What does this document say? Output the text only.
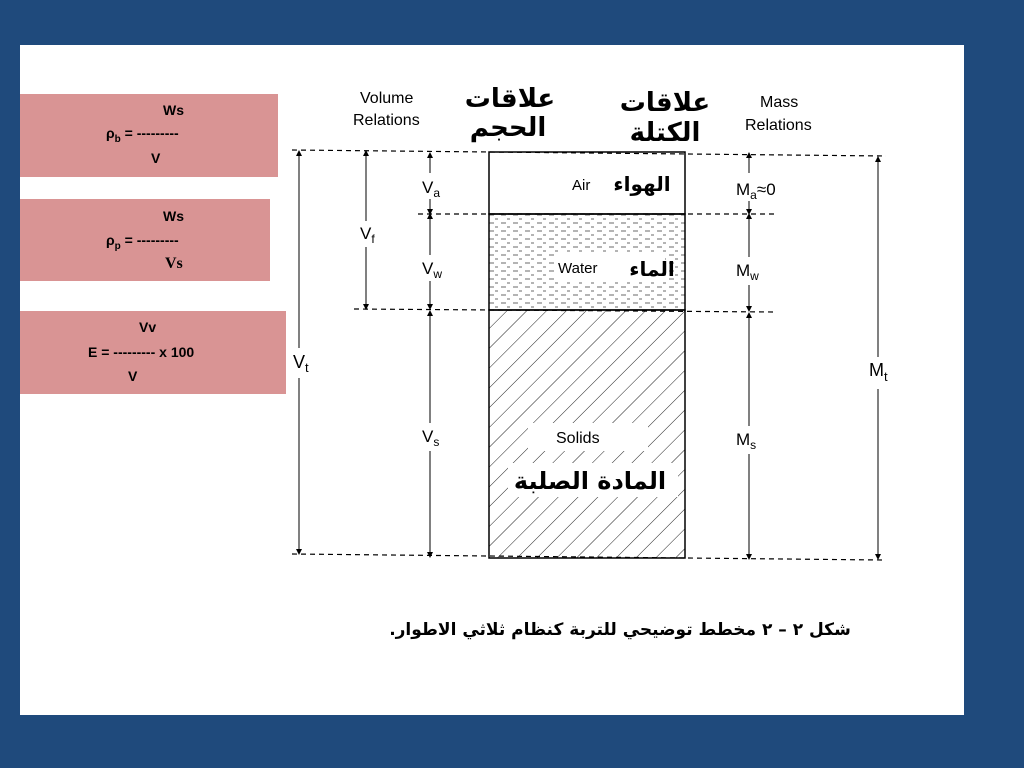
Ws
$\rho_b$ = ---------
V
Ws
$\rho_p$ = ---------
Vs
Vv
E = --------- x 100
V
Volume
Relations
علاقات
الحجم
علاقات
الكتلة
Mass
Relations
Air الهواء
Water الماء
Solids
المادة الصلبة
$V_a$
$V_w$
$V_s$
$V_f$
$V_t$
$M_a\approx 0$
$M_w$
$M_s$
$M_t$
شكل ٢ – ٢ مخطط توضيحي للتربة كنظام ثلاثي الاطوار.
